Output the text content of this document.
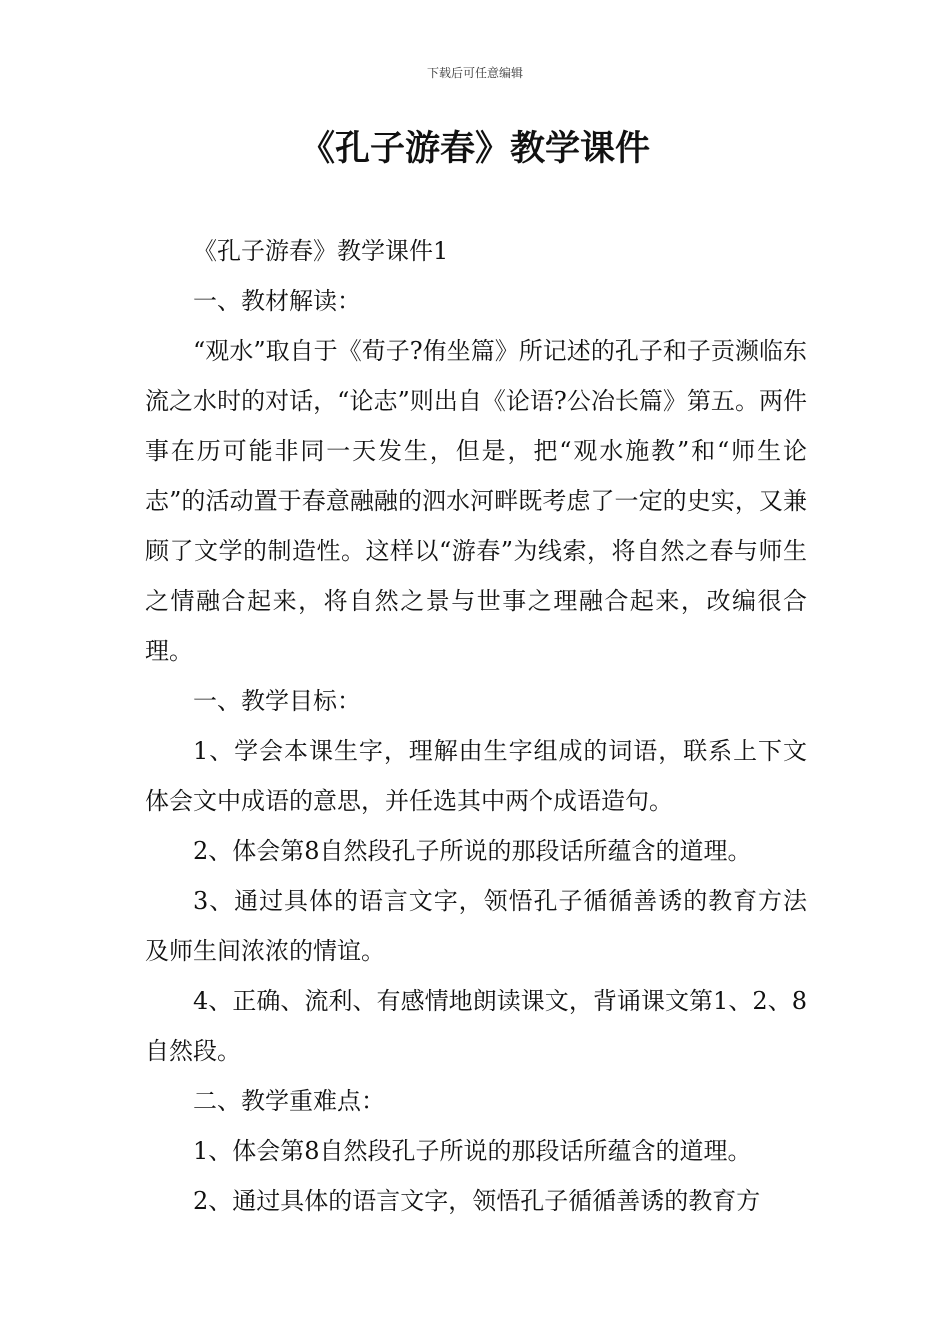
下载后可任意编辑
《孔子游春》教学课件

《孔子游春》教学课件1

一、教材解读：

“观水”取自于《荀子?侑坐篇》所记述的孔子和子贡濒临东流之水时的对话，“论志”则出自《论语?公冶长篇》第五。两件事在历可能非同一天发生，但是，把“观水施教”和“师生论志”的活动置于春意融融的泗水河畔既考虑了一定的史实，又兼顾了文学的制造性。这样以“游春”为线索，将自然之春与师生之情融合起来，将自然之景与世事之理融合起来，改编很合理。

一、教学目标：

1、学会本课生字，理解由生字组成的词语，联系上下文体会文中成语的意思，并任选其中两个成语造句。

2、体会第8自然段孔子所说的那段话所蕴含的道理。

3、通过具体的语言文字，领悟孔子循循善诱的教育方法及师生间浓浓的情谊。

4、正确、流利、有感情地朗读课文，背诵课文第1、2、8自然段。

二、教学重难点：

1、体会第8自然段孔子所说的那段话所蕴含的道理。

2、通过具体的语言文字，领悟孔子循循善诱的教育方
